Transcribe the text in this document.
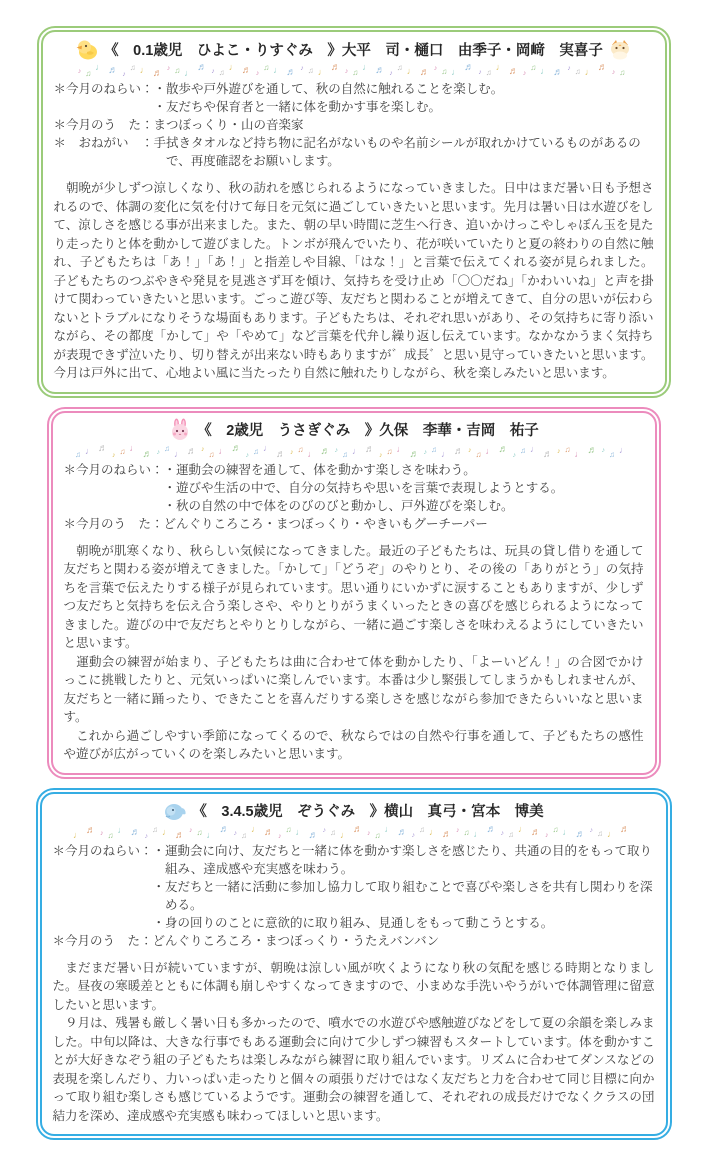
《　0.1歳児　ひよこ・りすぐみ　》大平　司・樋口　由季子・岡﨑　実喜子
♪♫♩♬♪♫♩♬♪♫♩♬♪♫♩♬♪♫♩♬♪♫♩♬♪♫♩♬♪♫♩♬♪♫♩♬♪♫♩♬♪♫♩♬♪♫♩♬♪♫
＊今月のねらい： ・散歩や戸外遊びを通して、秋の自然に触れることを楽しむ。
・友だちや保育者と一緒に体を動かす事を楽しむ。
＊今月のう　た： まつぼっくり・山の音楽家
＊　おねがい　： 手拭きタオルなど持ち物に記名がないものや名前シールが取れかけているものがあるので、再度確認をお願いします。

　朝晩が少しずつ涼しくなり、秋の訪れを感じられるようになっていきました。日中はまだ暑い日も予想されるので、体調の変化に気を付けて毎日を元気に過ごしていきたいと思います。先月は暑い日は水遊びをして、涼しさを感じる事が出来ました。また、朝の早い時間に芝生へ行き、追いかけっこやしゃぼん玉を見たり走ったりと体を動かして遊びました。トンボが飛んでいたり、花が咲いていたりと夏の終わりの自然に触れ、子どもたちは「あ！」「あ！」と指差しや目線、「はな！」と言葉で伝えてくれる姿が見られました。子どもたちのつぶやきや発見を見逃さず耳を傾け、気持ちを受け止め「〇〇だね」「かわいいね」と声を掛けて関わっていきたいと思います。ごっこ遊び等、友だちと関わることが増えてきて、自分の思いが伝わらないとトラブルになりそうな場面もあります。子どもたちは、それぞれ思いがあり、その気持ちに寄り添いながら、その都度「かして」や「やめて」など言葉を代弁し繰り返し伝えています。なかなかうまく気持ちが表現できず泣いたり、切り替えが出来ない時もありますが゛成長゛と思い見守っていきたいと思います。今月は戸外に出て、心地よい風に当たったり自然に触れたりしながら、秋を楽しみたいと思います。

《　2歳児　うさぎぐみ　》久保　李華・吉岡　祐子
♫♩♬♪♫♩♬♪♫♩♬♪♫♩♬♪♫♩♬♪♫♩♬♪♫♩♬♪♫♩♬♪♫♩♬♪♫♩♬♪♫♩♬♪♫♩♬♪♫♩
＊今月のねらい： ・運動会の練習を通して、体を動かす楽しさを味わう。
・遊びや生活の中で、自分の気持ちや思いを言葉で表現しようとする。
・秋の自然の中で体をのびのびと動かし、戸外遊びを楽しむ。
＊今月のう　た： どんぐりころころ・まつぼっくり・やきいもグーチーパー

　朝晩が肌寒くなり、秋らしい気候になってきました。最近の子どもたちは、玩具の貸し借りを通して友だちと関わる姿が増えてきました。「かして」「どうぞ」のやりとり、その後の「ありがとう」の気持ちを言葉で伝えたりする様子が見られています。思い通りにいかずに涙することもありますが、少しずつ友だちと気持ちを伝え合う楽しさや、やりとりがうまくいったときの喜びを感じられるようになってきました。遊びの中で友だちとやりとりしながら、一緒に過ごす楽しさを味わえるようにしていきたいと思います。

　運動会の練習が始まり、子どもたちは曲に合わせて体を動かしたり、「よーいどん！」の合図でかけっこに挑戦したりと、元気いっぱいに楽しんでいます。本番は少し緊張してしまうかもしれませんが、友だちと一緒に踊ったり、できたことを喜んだりする楽しさを感じながら参加できたらいいなと思います。

　これから過ごしやすい季節になってくるので、秋ならではの自然や行事を通して、子どもたちの感性や遊びが広がっていくのを楽しみたいと思います。

《　3.4.5歳児　ぞうぐみ　》横山　真弓・宮本　博美
♩♬♪♫♩♬♪♫♩♬♪♫♩♬♪♫♩♬♪♫♩♬♪♫♩♬♪♫♩♬♪♫♩♬♪♫♩♬♪♫♩♬♪♫♩♬♪♫♩♬
＊今月のねらい： ・運動会に向け、友だちと一緒に体を動かす楽しさを感じたり、共通の目的をもって取り組み、達成感や充実感を味わう。
・友だちと一緒に活動に参加し協力して取り組むことで喜びや楽しさを共有し関わりを深める。
・身の回りのことに意欲的に取り組み、見通しをもって動こうとする。
＊今月のう　た： どんぐりころころ・まつぼっくり・うたえバンバン

　まだまだ暑い日が続いていますが、朝晩は涼しい風が吹くようになり秋の気配を感じる時期となりました。昼夜の寒暖差とともに体調も崩しやすくなってきますので、小まめな手洗いやうがいで体調管理に留意したいと思います。

　９月は、残暑も厳しく暑い日も多かったので、噴水での水遊びや感触遊びなどをして夏の余韻を楽しみました。中旬以降は、大きな行事でもある運動会に向けて少しずつ練習もスタートしています。体を動かすことが大好きなぞう組の子どもたちは楽しみながら練習に取り組んでいます。リズムに合わせてダンスなどの表現を楽しんだり、力いっぱい走ったりと個々の頑張りだけではなく友だちと力を合わせて同じ目標に向かって取り組む楽しさも感じているようです。運動会の練習を通して、それぞれの成長だけでなくクラスの団結力を深め、達成感や充実感も味わってほしいと思います。
